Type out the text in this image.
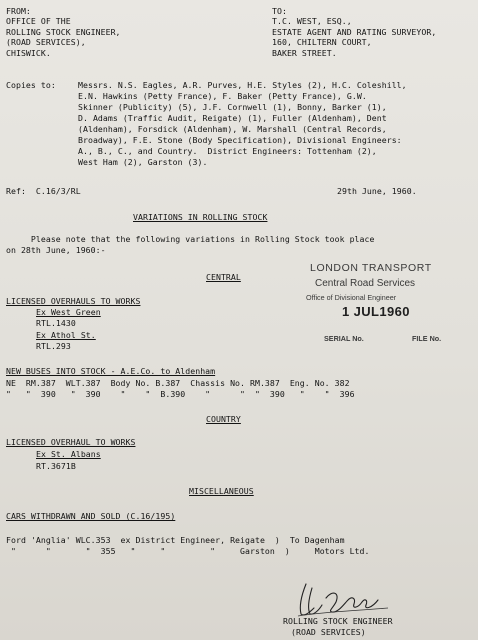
FROM:
OFFICE OF THE
ROLLING STOCK ENGINEER,
(ROAD SERVICES),
CHISWICK.
TO:
T.C. WEST, ESQ.,
ESTATE AGENT AND RATING SURVEYOR,
160, CHILTERN COURT,
BAKER STREET.
Copies to:	Messrs. N.S. Eagles, A.R. Purves, H.E. Styles (2), H.C. Coleshill,
E.N. Hawkins (Petty France), F. Baker (Petty France), G.W.
Skinner (Publicity) (5), J.F. Cornwell (1), Bonny, Barker (1),
D. Adams (Traffic Audit, Reigate) (1), Fuller (Aldenham), Dent
(Aldenham), Forsdick (Aldenham), W. Marshall (Central Records,
Broadway), F.E. Stone (Body Specification), Divisional Engineers:
A., B., C., and Country.  District Engineers: Tottenham (2),
West Ham (2), Garston (3).
Ref:  C.16/3/RL	29th June, 1960.
VARIATIONS IN ROLLING STOCK
Please note that the following variations in Rolling Stock took place
on 28th June, 1960:-
LONDON TRANSPORT
Central Road Services
Office of Divisional Engineer
1 JUL1960
SERIAL No.	FILE No.
CENTRAL
LICENSED OVERHAULS TO WORKS
Ex West Green
RTL.1430
Ex Athol St.
RTL.293
NEW BUSES INTO STOCK - A.E.Co. to Aldenham
NE  RM.387  WLT.387  Body No. B.387  Chassis No. RM.387  Eng. No. 382
"   "  390   "  390    "    "  B.390    "      "  "  390   "    "  396
COUNTRY
LICENSED OVERHAUL TO WORKS
Ex St. Albans
RT.3671B
MISCELLANEOUS
CARS WITHDRAWN AND SOLD (C.16/195)
Ford 'Anglia' WLC.353  ex District Engineer, Reigate  )  To Dagenham
"      "       "  355   "     "         "     Garston  )     Motors Ltd.
ROLLING STOCK ENGINEER
(ROAD SERVICES)
